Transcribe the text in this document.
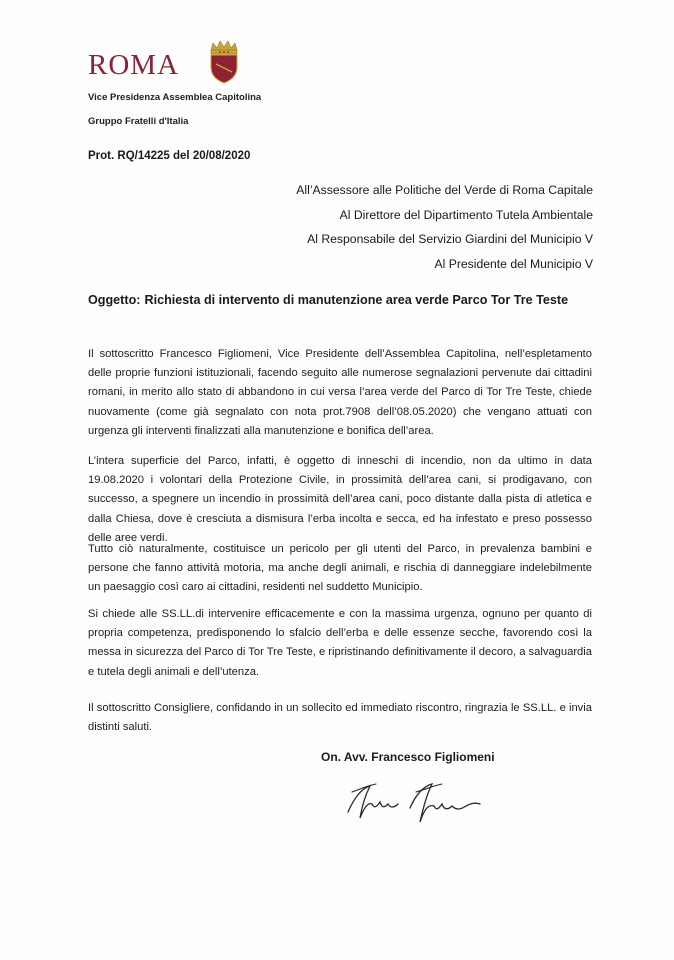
ROMA
Vice Presidenza Assemblea Capitolina
Gruppo Fratelli d'Italia
Prot. RQ/14225 del 20/08/2020
All’Assessore alle Politiche del Verde di Roma Capitale
Al Direttore del Dipartimento Tutela Ambientale
Al Responsabile del Servizio Giardini del Municipio V
Al Presidente del Municipio V
Oggetto: Richiesta di intervento di manutenzione area verde Parco Tor Tre Teste
Il sottoscritto Francesco Figliomeni, Vice Presidente dell’Assemblea Capitolina, nell’espletamento delle proprie funzioni istituzionali, facendo seguito alle numerose segnalazioni pervenute dai cittadini romani, in merito allo stato di abbandono in cui versa l’area verde del Parco di Tor Tre Teste, chiede nuovamente (come già segnalato con nota prot.7908 dell’08.05.2020) che vengano attuati con urgenza gli interventi finalizzati alla manutenzione e bonifica dell’area.
L’intera superficie del Parco, infatti, è oggetto di inneschi di incendio, non da ultimo in data 19.08.2020 i volontari della Protezione Civile, in prossimità dell’area cani, si prodigavano, con successo, a spegnere un incendio in prossimità dell’area cani, poco distante dalla pista di atletica e dalla Chiesa, dove è cresciuta a dismisura l’erba incolta e secca, ed ha infestato e preso possesso delle aree verdi.
Tutto ciò naturalmente, costituisce un pericolo per gli utenti del Parco, in prevalenza bambini e persone che fanno attività motoria, ma anche degli animali, e rischia di danneggiare indelebilmente un paesaggio così caro ai cittadini, residenti nel suddetto Municipio.
Si chiede alle SS.LL.di intervenire efficacemente e con la massima urgenza, ognuno per quanto di propria competenza, predisponendo lo sfalcio dell’erba e delle essenze secche, favorendo così la messa in sicurezza del Parco di Tor Tre Teste, e ripristinando definitivamente il decoro, a salvaguardia e tutela degli animali e dell’utenza.
Il sottoscritto Consigliere, confidando in un sollecito ed immediato riscontro, ringrazia le SS.LL. e invia distinti saluti.
On. Avv. Francesco Figliomeni
